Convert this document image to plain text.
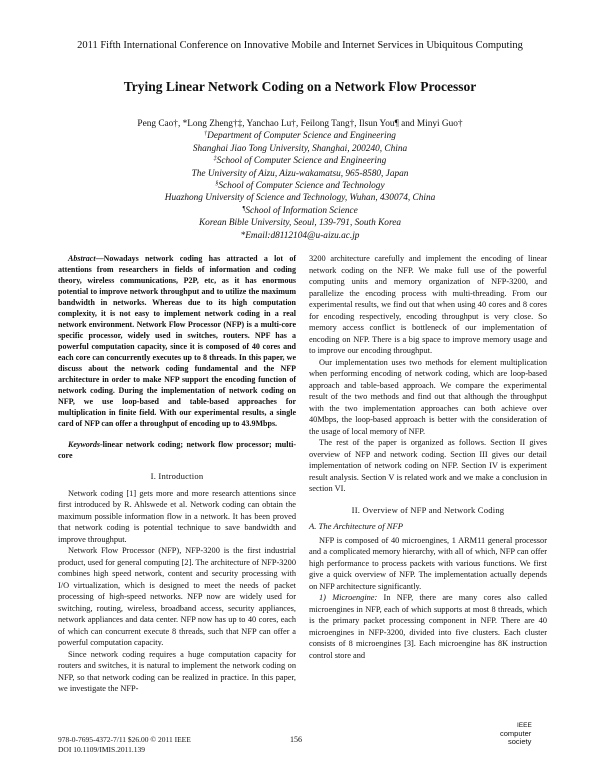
2011 Fifth International Conference on Innovative Mobile and Internet Services in Ubiquitous Computing
Trying Linear Network Coding on a Network Flow Processor
Peng Cao†, *Long Zheng†‡, Yanchao Lu†, Feilong Tang†, Ilsun You¶ and Minyi Guo†
†Department of Computer Science and Engineering
Shanghai Jiao Tong University, Shanghai, 200240, China
‡School of Computer Science and Engineering
The University of Aizu, Aizu-wakamatsu, 965-8580, Japan
§School of Computer Science and Technology
Huazhong University of Science and Technology, Wuhan, 430074, China
¶School of Information Science
Korean Bible University, Seoul, 139-791, South Korea
*Email:d8112104@u-aizu.ac.jp

Abstract—Nowadays network coding has attracted a lot of attentions from researchers in fields of information and coding theory, wireless communications, P2P, etc, as it has enormous potential to improve network throughput and to utilize the maximum bandwidth in networks. Whereas due to its high computation complexity, it is not easy to implement network coding in a real network environment. Network Flow Processor (NFP) is a multi-core specific processor, widely used in switches, routers. NPF has a powerful computation capacity, since it is composed of 40 cores and each core can concurrently executes up to 8 threads. In this paper, we discuss about the network coding fundamental and the NFP architecture in order to make NFP support the encoding function of network coding. During the implementation of network coding on NFP, we use loop-based and table-based approaches for multiplication in finite field. With our experimental results, a single card of NFP can offer a throughput of encoding up to 43.9Mbps.

Keywords-linear network coding; network flow processor; multi-core

I. Introduction

Network coding [1] gets more and more research attentions since first introduced by R. Ahlswede et al. Network coding can obtain the maximum possible information flow in a network. It has been proved that network coding is potential technique to save bandwidth and improve throughput.

Network Flow Processor (NFP), NFP-3200 is the first industrial product, used for general computing [2]. The architecture of NFP-3200 combines high speed network, content and security processing with I/O virtualization, which is designed to meet the needs of packet processing of high-speed networks. NFP now are widely used for switching, routing, wireless, broadband access, security appliances, network appliances and data center. NFP now has up to 40 cores, each of which can concurrent execute 8 threads, such that NFP can offer a powerful computation capacity.

Since network coding requires a huge computation capacity for routers and switches, it is natural to implement the network coding on NFP, so that network coding can be realized in practice. In this paper, we investigate the NFP-

3200 architecture carefully and implement the encoding of linear network coding on the NFP. We make full use of the powerful computing units and memory organization of NFP-3200, and parallelize the encoding process with multi-threading. From our experimental results, we find out that when using 40 cores and 8 cores for encoding respectively, encoding throughput is very close. So memory access conflict is bottleneck of our implementation of encoding on NFP. There is a big space to improve memory usage and to improve our encoding throughput.

Our implementation uses two methods for element multiplication when performing encoding of network coding, which are loop-based approach and table-based approach. We compare the experimental result of the two methods and find out that although the throughput with the two implementation approaches can both achieve over 40Mbps, the loop-based approach is better with the consideration of the usage of local memory of NFP.

The rest of the paper is organized as follows. Section II gives overview of NFP and network coding. Section III gives our detail implementation of network coding on NFP. Section IV is experiment result analysis. Section V is related work and we make a conclusion in section VI.

II. Overview of NFP and Network Coding
A. The Architecture of NFP

NFP is composed of 40 microengines, 1 ARM11 general processor and a complicated memory hierarchy, with all of which, NFP can offer high performance to process packets with various functions. We first give a quick overview of NFP. The implementation actually depends on NFP architecture significantly.

1) Microengine: In NFP, there are many cores also called microengines in NFP, each of which supports at most 8 threads, which is the primary packet processing component in NFP. There are 40 microengines in NFP-3200, divided into five clusters. Each cluster consists of 8 microengines [3]. Each microengine has 8K instruction control store and

978-0-7695-4372-7/11 $26.00 © 2011 IEEE
DOI 10.1109/IMIS.2011.139
156
IEEE
computer
society
